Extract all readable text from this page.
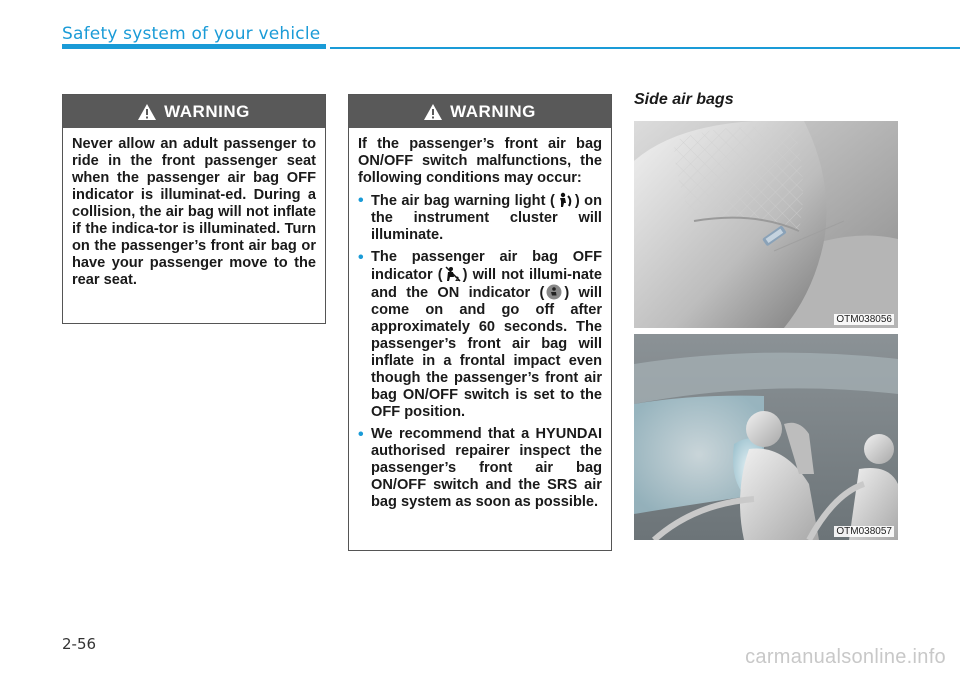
Safety system of your vehicle
WARNING
Never allow an adult passenger to ride in the front passenger seat when the passenger air bag OFF indicator is illuminat-ed. During a collision, the air bag will not inflate if the indica-tor is illuminated. Turn on the passenger’s front air bag or have your passenger move to the rear seat.
WARNING
If the passenger’s front air bag ON/OFF switch malfunctions, the following conditions may occur:
• The air bag warning light ( ) on the instrument cluster will illuminate.
• The passenger air bag OFF indicator ( 2 ) will not illumi-nate and the ON indicator ( ) will come on and go off after approximately 60 seconds. The passenger’s front air bag will inflate in a frontal impact even though the passenger’s front air bag ON/OFF switch is set to the OFF position.
• We recommend that a HYUNDAI authorised repairer inspect the passenger’s front air bag ON/OFF switch and the SRS air bag system as soon as possible.
Side air bags
OTM038056
OTM038057
2-56
carmanualsonline.info
